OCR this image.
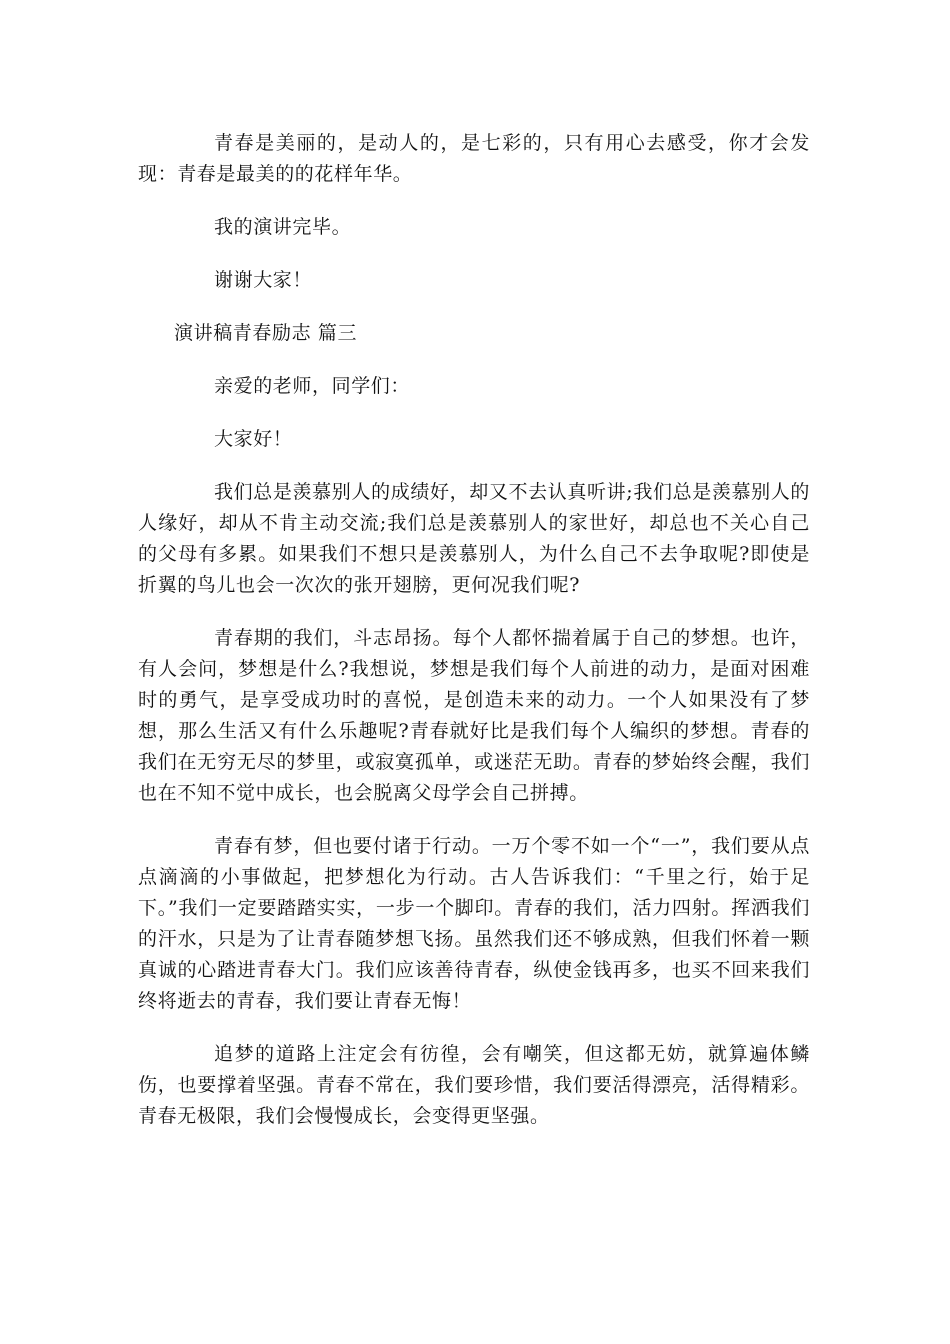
青春是美丽的，是动人的，是七彩的，只有用心去感受，你才会发现：青春是最美的的花样年华。

我的演讲完毕。

谢谢大家！

演讲稿青春励志 篇三

亲爱的老师，同学们：

大家好！

我们总是羡慕别人的成绩好，却又不去认真听讲;我们总是羡慕别人的人缘好，却从不肯主动交流;我们总是羡慕别人的家世好，却总也不关心自己的父母有多累。如果我们不想只是羡慕别人，为什么自己不去争取呢?即使是折翼的鸟儿也会一次次的张开翅膀，更何况我们呢?

青春期的我们，斗志昂扬。每个人都怀揣着属于自己的梦想。也许，有人会问，梦想是什么?我想说，梦想是我们每个人前进的动力，是面对困难时的勇气，是享受成功时的喜悦，是创造未来的动力。一个人如果没有了梦想，那么生活又有什么乐趣呢?青春就好比是我们每个人编织的梦想。青春的我们在无穷无尽的梦里，或寂寞孤单，或迷茫无助。青春的梦始终会醒，我们也在不知不觉中成长，也会脱离父母学会自己拼搏。

青春有梦，但也要付诸于行动。一万个零不如一个“一”，我们要从点点滴滴的小事做起，把梦想化为行动。古人告诉我们：“千里之行，始于足下。”我们一定要踏踏实实，一步一个脚印。青春的我们，活力四射。挥洒我们的汗水，只是为了让青春随梦想飞扬。虽然我们还不够成熟，但我们怀着一颗真诚的心踏进青春大门。我们应该善待青春，纵使金钱再多，也买不回来我们终将逝去的青春，我们要让青春无悔！

追梦的道路上注定会有彷徨，会有嘲笑，但这都无妨，就算遍体鳞伤，也要撑着坚强。青春不常在，我们要珍惜，我们要活得漂亮，活得精彩。青春无极限，我们会慢慢成长，会变得更坚强。
